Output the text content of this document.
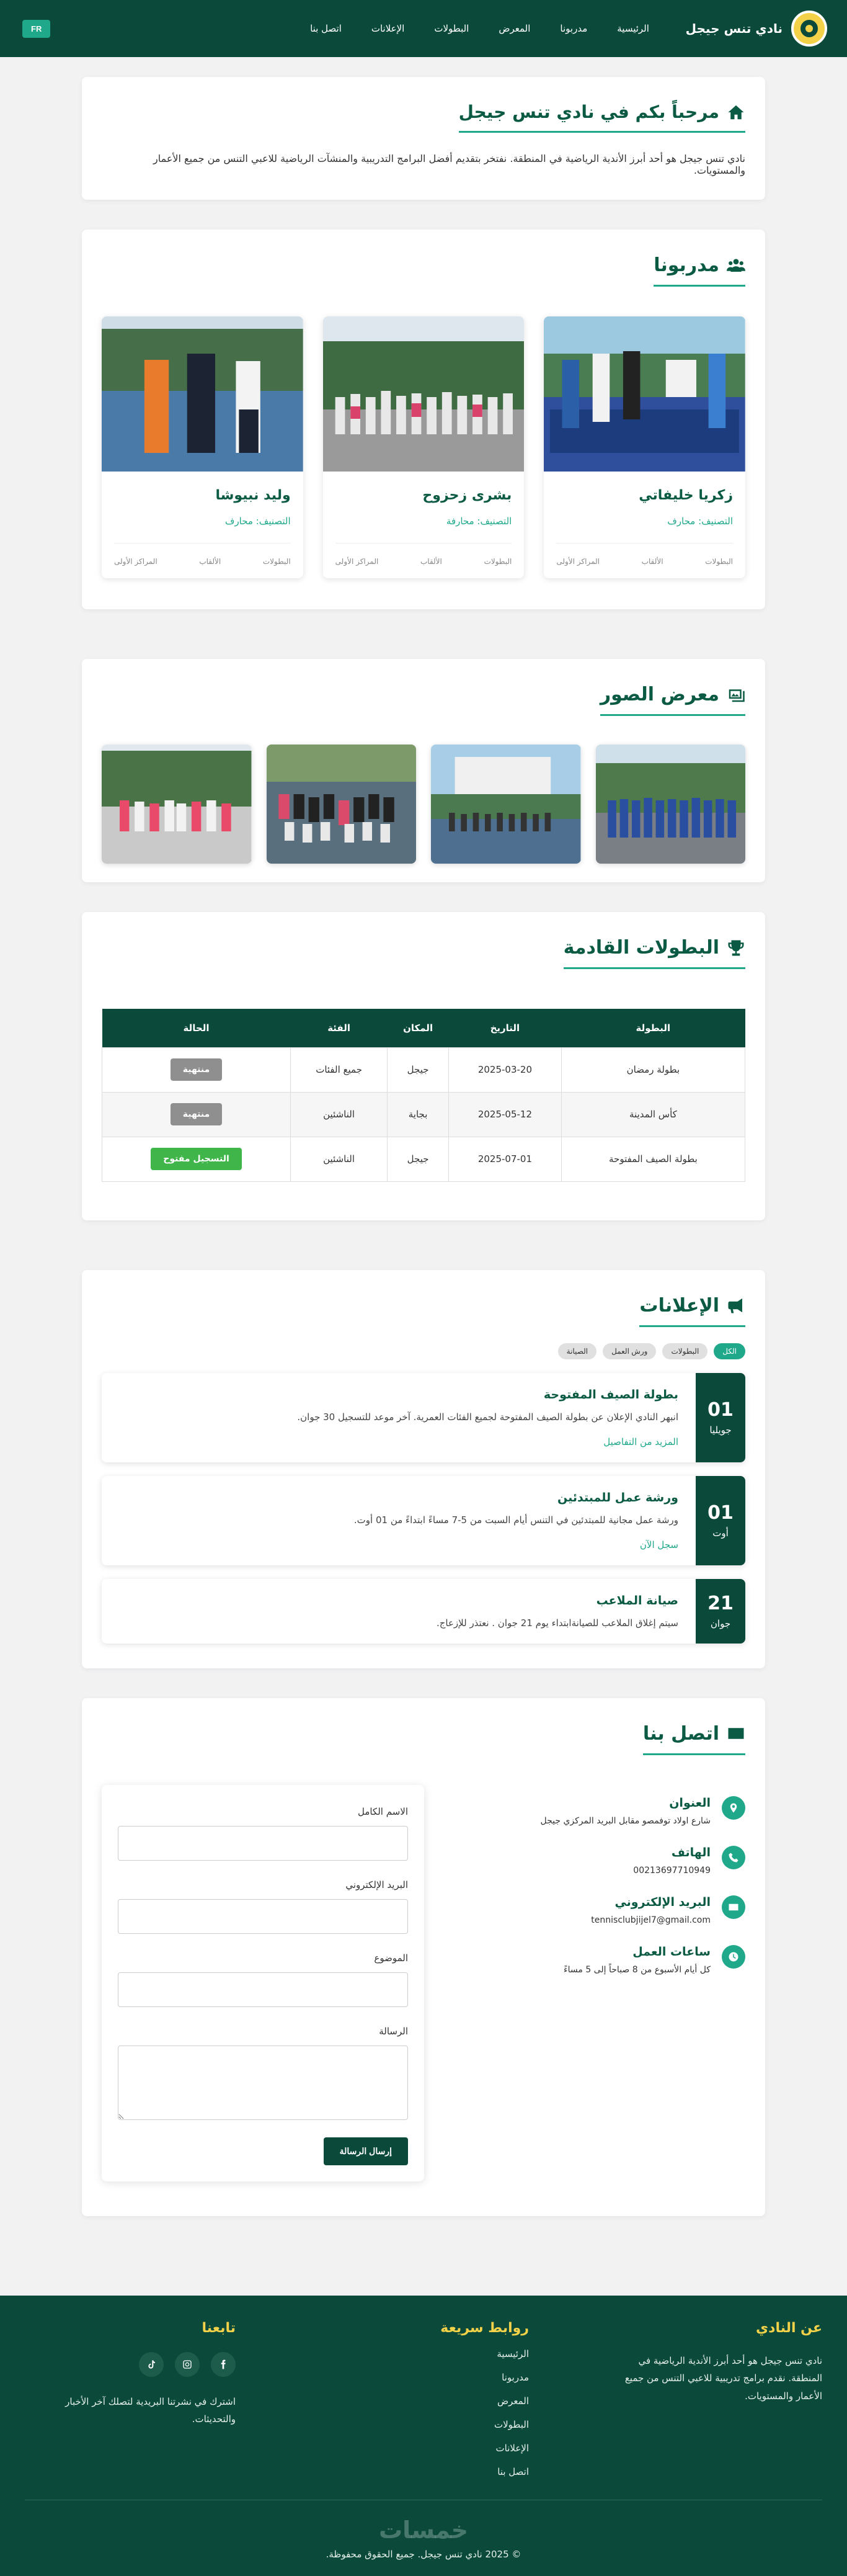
نادي تنس جيجل
الرئيسية
مدربونا
المعرض
البطولات
الإعلانات
اتصل بنا
FR
مرحباً بكم في نادي تنس جيجل

نادي تنس جيجل هو أحد أبرز الأندية الرياضية في المنطقة. نفتخر بتقديم أفضل البرامج التدريبية والمنشآت الرياضية للاعبي التنس من جميع الأعمار والمستويات.

مدربونا
زكريا خليفاتي
التصنيف: محارف
البطولات
الألقاب
المراكز الأولى
بشرى زحزوح
التصنيف: محارفة
البطولات
الألقاب
المراكز الأولى
وليد نبيوشا
التصنيف: محارف
البطولات
الألقاب
المراكز الأولى
معرض الصور
البطولات القادمة
البطولة	التاريخ	المكان	الفئة	الحالة
بطولة رمضان	2025-03-20	جيجل	جميع الفئات	منتهية
كأس المدينة	2025-05-12	بجاية	الناشئين	منتهية
بطولة الصيف المفتوحة	2025-07-01	جيجل	الناشئين	التسجيل مفتوح
الإعلانات
الكل
البطولات
ورش العمل
الصيانة
01
جويليا
بطولة الصيف المفتوحة
انبهر النادي الإعلان عن بطولة الصيف المفتوحة لجميع الفئات العمرية. آخر موعد للتسجيل 30 جوان.
المزيد من التفاصيل
01
أوت
ورشة عمل للمبتدئين
ورشة عمل مجانية للمبتدئين في التنس أيام السبت من 5-7 مساءً ابتداءً من 01 أوت.
سجل الآن
21
جوان
صيانة الملاعب
سيتم إغلاق الملاعب للصيانةابتداء يوم 21 جوان . نعتذر للإزعاج.
اتصل بنا
العنوان
شارع اولاد توفمصو مقابل البريد المركزي جيجل
الهاتف
00213697710949
البريد الإلكتروني
tennisclubjijel7@gmail.com
ساعات العمل
كل أيام الأسبوع من 8 صباحاً إلى 5 مساءً
الاسم الكامل
البريد الإلكتروني
الموضوع
الرسالة
إرسال الرسالة
عن النادي
نادي تنس جيجل هو أحد أبرز الأندية الرياضية في المنطقة. نقدم برامج تدريبية للاعبي التنس من جميع الأعمار والمستويات.
روابط سريعة
الرئيسية
مدربونا
المعرض
البطولات
الإعلانات
اتصل بنا
تابعنا
اشترك في نشرتنا البريدية لتصلك آخر الأخبار والتحديثات.
خمسات
© 2025 نادي تنس جيجل. جميع الحقوق محفوظة.
